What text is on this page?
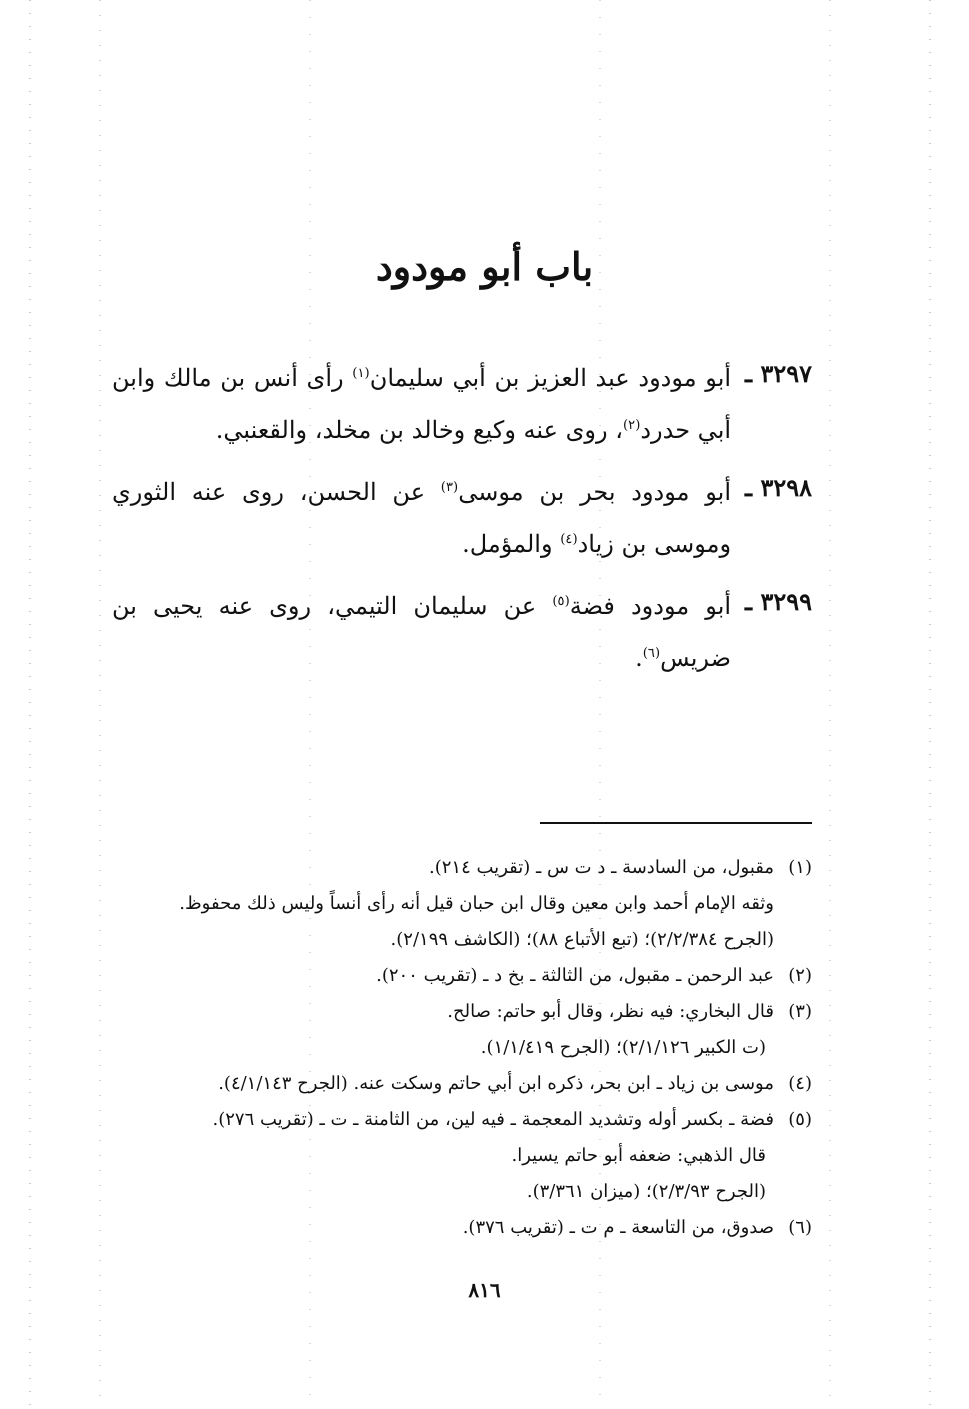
باب أبو مودود
٣٢٩٧ ـ
أبو مودود عبد العزيز بن أبي سليمان$^{(١)}$ رأى أنس بن مالك وابن أبي حدرد$^{(٢)}$، روى عنه وكيع وخالد بن مخلد، والقعنبي.
٣٢٩٨ ـ
أبو مودود بحر بن موسى$^{(٣)}$ عن الحسن، روى عنه الثوري وموسى بن زياد$^{(٤)}$ والمؤمل.
٣٢٩٩ ـ
أبو مودود فضة$^{(٥)}$ عن سليمان التيمي، روى عنه يحيى بن ضريس$^{(٦)}$.
(١)
مقبول، من السادسة ـ د ت س ـ (تقريب ٢١٤).
وثقه الإمام أحمد وابن معين وقال ابن حبان قيل أنه رأى أنساً وليس ذلك محفوظ.
(الجرح ٢/٢/٣٨٤)؛ (تبع الأتباع ٨٨)؛ (الكاشف ٢/١٩٩).
(٢)
عبد الرحمن ـ مقبول، من الثالثة ـ بخ د ـ (تقريب ٢٠٠).
(٣)
قال البخاري: فيه نظر، وقال أبو حاتم: صالح.
(ت الكبير ٢/١/١٢٦)؛ (الجرح ١/١/٤١٩).
(٤)
موسى بن زياد ـ ابن بحر، ذكره ابن أبي حاتم وسكت عنه. (الجرح ٤/١/١٤٣).
(٥)
فضة ـ بكسر أوله وتشديد المعجمة ـ فيه لين، من الثامنة ـ ت ـ (تقريب ٢٧٦).
قال الذهبي: ضعفه أبو حاتم يسيرا.
(الجرح ٢/٣/٩٣)؛ (ميزان ٣/٣٦١).
(٦)
صدوق، من التاسعة ـ م ت ـ (تقريب ٣٧٦).
٨١٦
